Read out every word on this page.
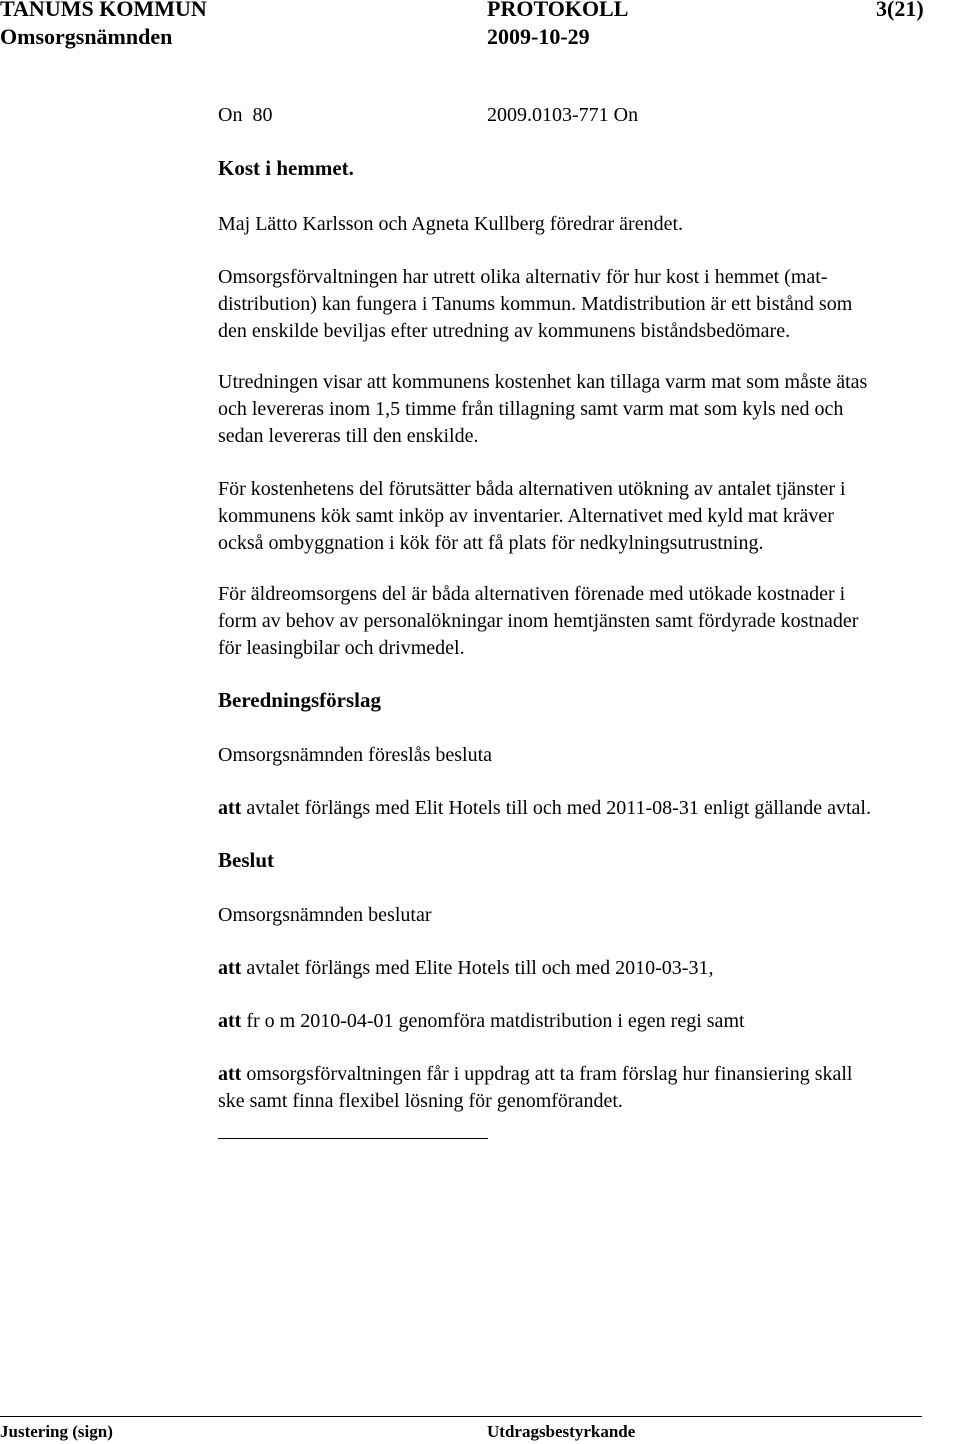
TANUMS KOMMUN	PROTOKOLL	3(21)
Omsorgsnämnden	2009-10-29
On  80	2009.0103-771 On
Kost i hemmet.
Maj Lätto Karlsson och Agneta Kullberg föredrar ärendet.
Omsorgsförvaltningen har utrett olika alternativ för hur kost i hemmet (mat-
distribution) kan fungera i Tanums kommun. Matdistribution är ett bistånd som
den enskilde beviljas efter utredning av kommunens biståndsbedömare.
Utredningen visar att kommunens kostenhet kan tillaga varm mat som måste ätas
och levereras inom 1,5 timme från tillagning samt varm mat som kyls ned och
sedan levereras till den enskilde.
För kostenhetens del förutsätter båda alternativen utökning av antalet tjänster i
kommunens kök samt inköp av inventarier. Alternativet med kyld mat kräver
också ombyggnation i kök för att få plats för nedkylningsutrustning.
För äldreomsorgens del är båda alternativen förenade med utökade kostnader i
form av behov av personalökningar inom hemtjänsten samt fördyrade kostnader
för leasingbilar och drivmedel.
Beredningsförslag
Omsorgsnämnden föreslås besluta
att avtalet förlängs med Elit Hotels till och med 2011-08-31 enligt gällande avtal.
Beslut
Omsorgsnämnden beslutar
att avtalet förlängs med Elite Hotels till och med 2010-03-31,
att fr o m 2010-04-01 genomföra matdistribution i egen regi samt
att omsorgsförvaltningen får i uppdrag att ta fram förslag hur finansiering skall
ske samt finna flexibel lösning för genomförandet.
Justering (sign)	Utdragsbestyrkande
